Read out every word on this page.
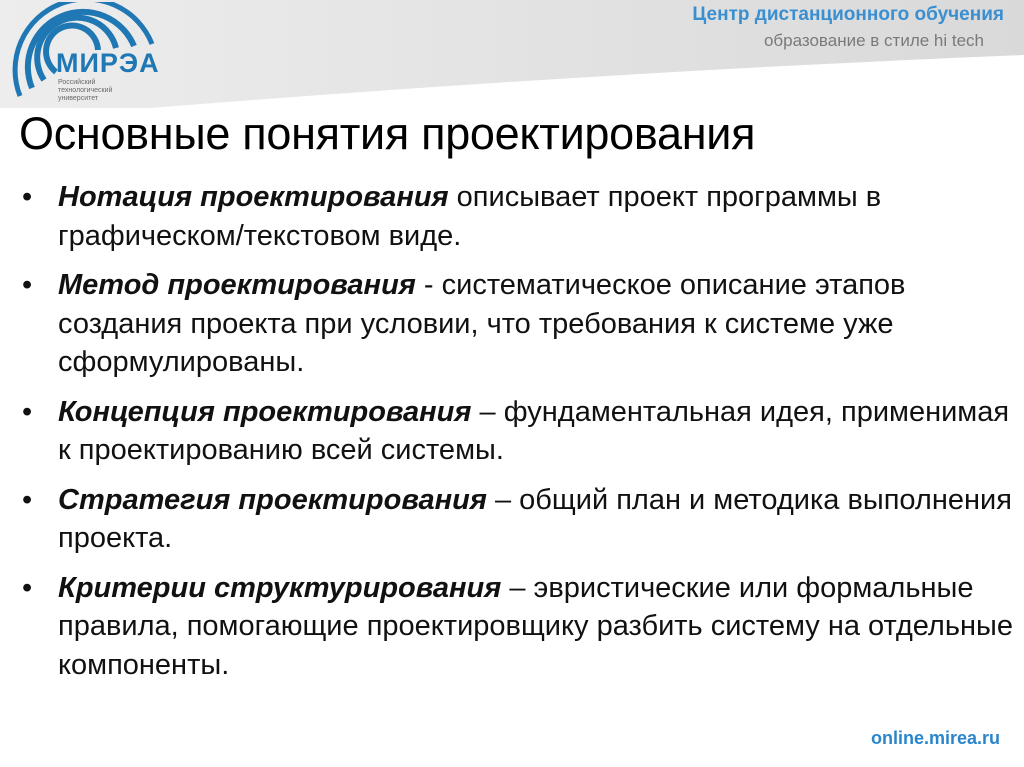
МИРЭА
Российский технологический университет
Центр дистанционного обучения
образование в стиле hi tech
Основные понятия проектирования
• Нотация проектирования описывает проект программы в графическом/текстовом виде.
• Метод проектирования - систематическое описание этапов создания проекта при условии, что требования к системе уже сформулированы.
• Концепция проектирования – фундаментальная идея, применимая к проектированию всей системы.
• Стратегия проектирования – общий план и методика выполнения проекта.
• Критерии структурирования – эвристические или формальные правила, помогающие проектировщику разбить систему на отдельные компоненты.
online.mirea.ru
